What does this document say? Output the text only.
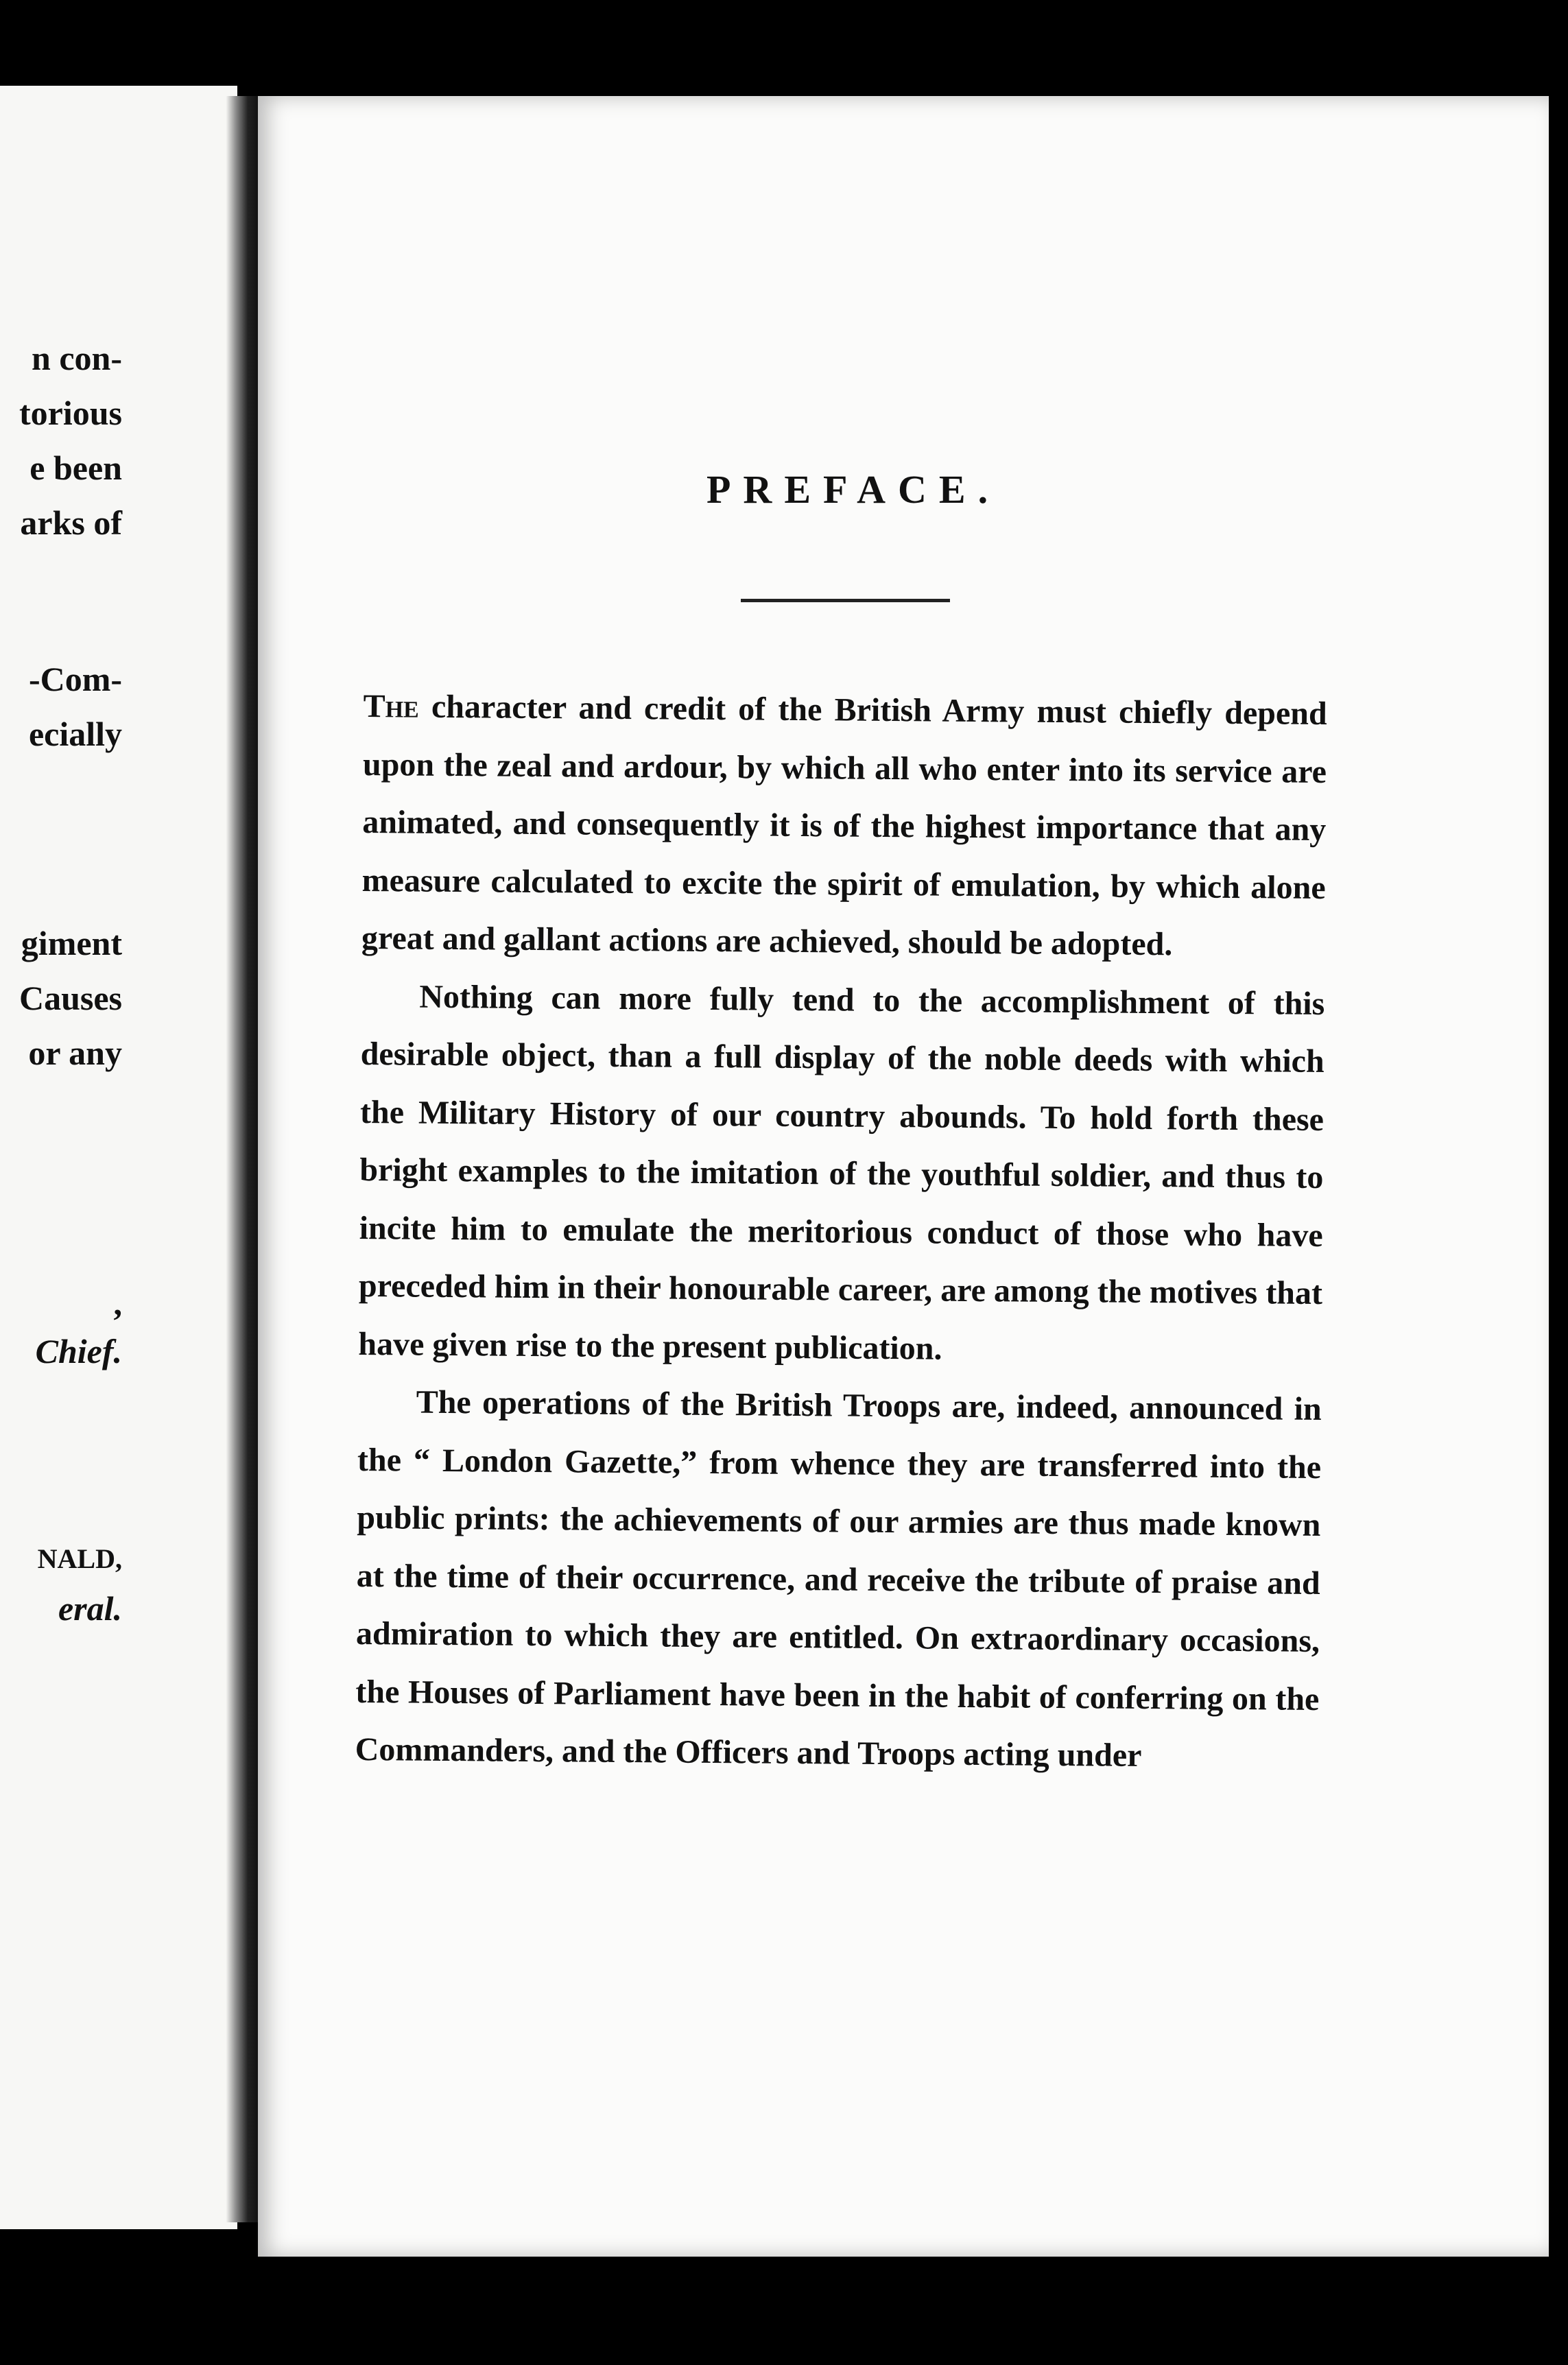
n con-
torious
e been
arks of
-Com-
ecially
giment
Causes
or any
,
Chief.
NALD,
eral.
PREFACE.

The character and credit of the British Army must chiefly depend upon the zeal and ardour, by which all who enter into its service are animated, and consequently it is of the highest importance that any measure calculated to excite the spirit of emulation, by which alone great and gallant actions are achieved, should be adopted.

Nothing can more fully tend to the accomplishment of this desirable object, than a full display of the noble deeds with which the Military History of our country abounds. To hold forth these bright examples to the imitation of the youthful soldier, and thus to incite him to emulate the meritorious conduct of those who have preceded him in their honourable career, are among the motives that have given rise to the present publication.

The operations of the British Troops are, indeed, announced in the “ London Gazette,” from whence they are transferred into the public prints: the achievements of our armies are thus made known at the time of their occurrence, and receive the tribute of praise and admiration to which they are entitled. On extraordinary occasions, the Houses of Parliament have been in the habit of conferring on the Commanders, and the Officers and Troops acting under
